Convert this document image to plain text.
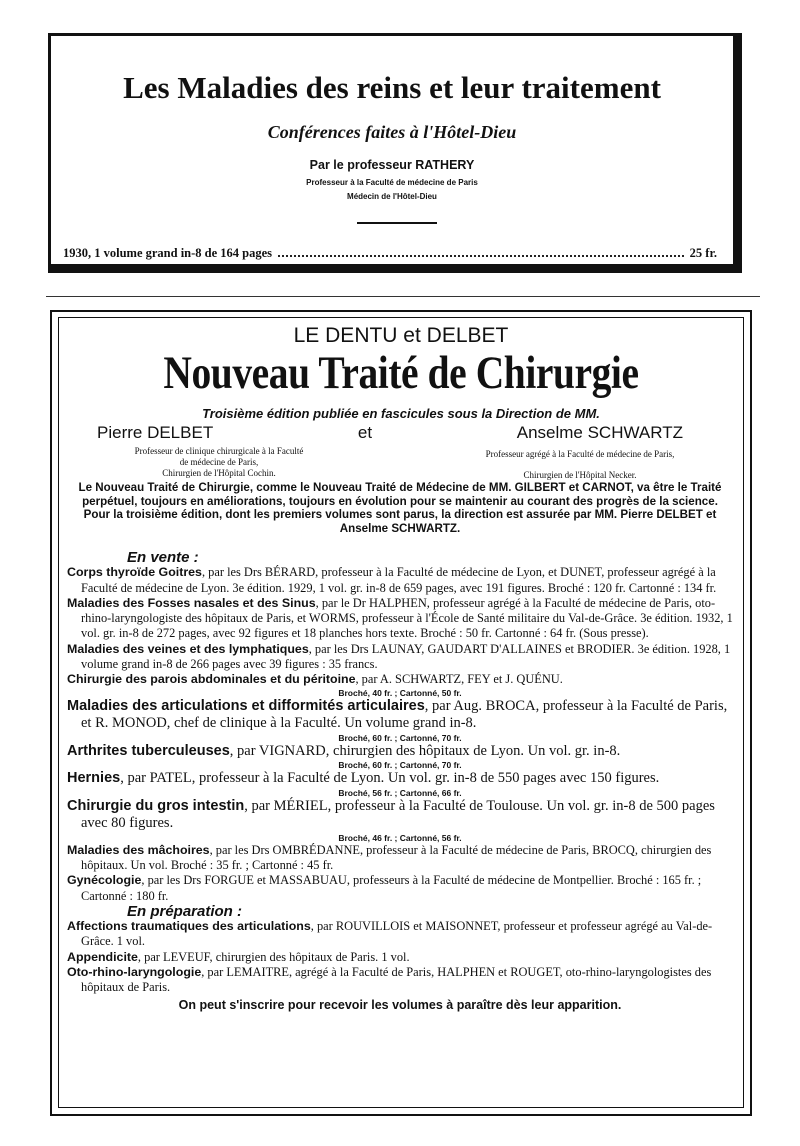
Les Maladies des reins et leur traitement
Conférences faites à l'Hôtel-Dieu
Par le professeur RATHERY
Professeur à la Faculté de médecine de Paris
Médecin de l'Hôtel-Dieu
1930, 1 volume grand in-8 de 164 pages	25 fr.
LE DENTU et DELBET
Nouveau Traité de Chirurgie
Troisième édition publiée en fascicules sous la Direction de MM.
Pierre DELBET	et	Anselme SCHWARTZ
Professeur de clinique chirurgicale à la Faculté
de médecine de Paris,
Chirurgien de l'Hôpital Cochin.
Professeur agrégé à la Faculté de médecine de Paris,
Chirurgien de l'Hôpital Necker.
Le Nouveau Traité de Chirurgie, comme le Nouveau Traité de Médecine de MM. GILBERT et CARNOT, va être le Traité perpétuel, toujours en améliorations, toujours en évolution pour se maintenir au courant des progrès de la science.
Pour la troisième édition, dont les premiers volumes sont parus, la direction est assurée par MM. Pierre DELBET et Anselme SCHWARTZ.
En vente :

Corps thyroïde Goitres, par les Drs BÉRARD, professeur à la Faculté de médecine de Lyon, et DUNET, professeur agrégé à la Faculté de médecine de Lyon. 3e édition. 1929, 1 vol. gr. in-8 de 659 pages, avec 191 figures. Broché : 120 fr. Cartonné : 134 fr.

Maladies des Fosses nasales et des Sinus, par le Dr HALPHEN, professeur agrégé à la Faculté de médecine de Paris, oto-rhino-laryngologiste des hôpitaux de Paris, et WORMS, professeur à l'École de Santé militaire du Val-de-Grâce. 3e édition. 1932, 1 vol. gr. in-8 de 272 pages, avec 92 figures et 18 planches hors texte. Broché : 50 fr. Cartonné : 64 fr. (Sous presse).

Maladies des veines et des lymphatiques, par les Drs LAUNAY, GAUDART D'ALLAINES et BRODIER. 3e édition. 1928, 1 volume grand in-8 de 266 pages avec 39 figures : 35 francs.

Chirurgie des parois abdominales et du péritoine, par A. SCHWARTZ, FEY et J. QUÉNU.
Broché, 40 fr. ; Cartonné, 50 fr.

Maladies des articulations et difformités articulaires, par Aug. BROCA, professeur à la Faculté de Paris, et R. MONOD, chef de clinique à la Faculté. Un volume grand in-8.
Broché, 60 fr. ; Cartonné, 70 fr.

Arthrites tuberculeuses, par VIGNARD, chirurgien des hôpitaux de Lyon. Un vol. gr. in-8.
Broché, 60 fr. ; Cartonné, 70 fr.

Hernies, par PATEL, professeur à la Faculté de Lyon. Un vol. gr. in-8 de 550 pages avec 150 figures.
Broché, 56 fr. ; Cartonné, 66 fr.

Chirurgie du gros intestin, par MÉRIEL, professeur à la Faculté de Toulouse. Un vol. gr. in-8 de 500 pages avec 80 figures.
Broché, 46 fr. ; Cartonné, 56 fr.

Maladies des mâchoires, par les Drs OMBRÉDANNE, professeur à la Faculté de médecine de Paris, BROCQ, chirurgien des hôpitaux. Un vol. Broché : 35 fr. ; Cartonné : 45 fr.

Gynécologie, par les Drs FORGUE et MASSABUAU, professeurs à la Faculté de médecine de Montpellier. Broché : 165 fr. ; Cartonné : 180 fr.

En préparation :

Affections traumatiques des articulations, par ROUVILLOIS et MAISONNET, professeur et professeur agrégé au Val-de-Grâce. 1 vol.

Appendicite, par LEVEUF, chirurgien des hôpitaux de Paris. 1 vol.

Oto-rhino-laryngologie, par LEMAITRE, agrégé à la Faculté de Paris, HALPHEN et ROUGET, oto-rhino-laryngologistes des hôpitaux de Paris.

On peut s'inscrire pour recevoir les volumes à paraître dès leur apparition.
